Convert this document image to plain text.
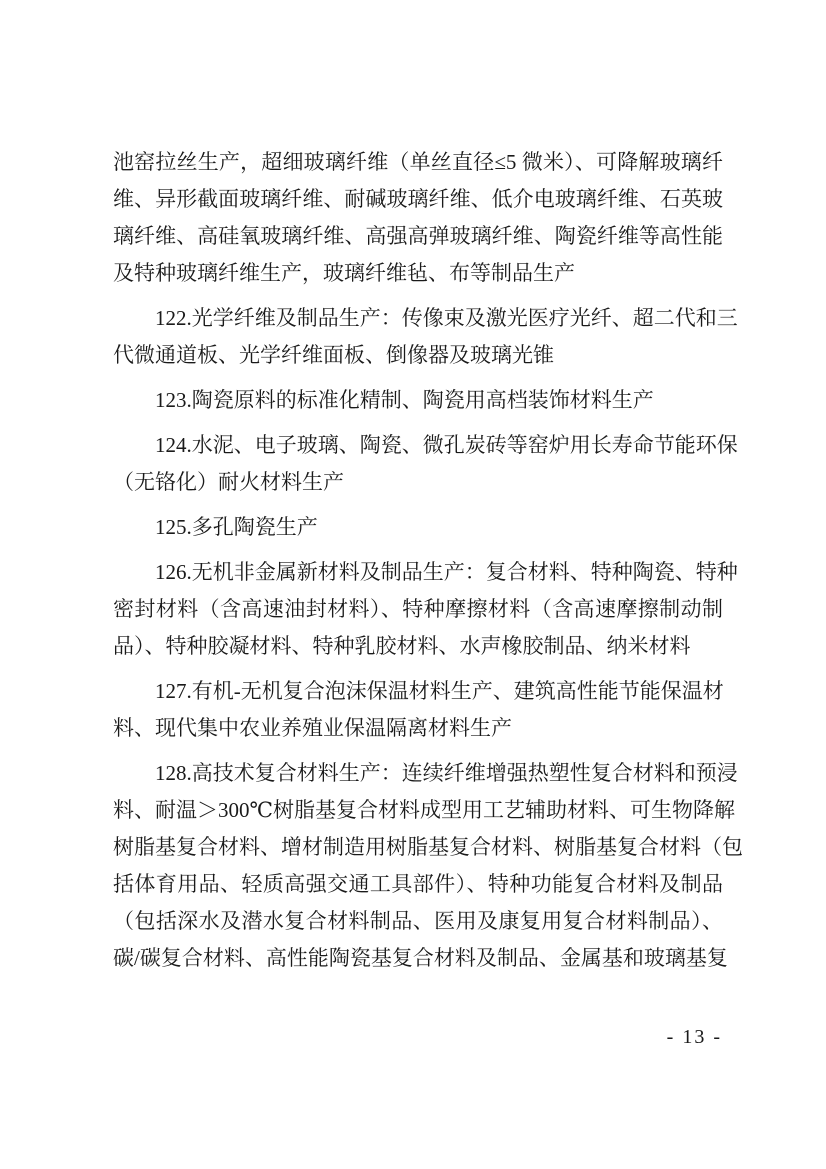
池窑拉丝生产，超细玻璃纤维（单丝直径≤5 微米）、可降解玻璃纤
维、异形截面玻璃纤维、耐碱玻璃纤维、低介电玻璃纤维、石英玻
璃纤维、高硅氧玻璃纤维、高强高弹玻璃纤维、陶瓷纤维等高性能
及特种玻璃纤维生产，玻璃纤维毡、布等制品生产
122.光学纤维及制品生产：传像束及激光医疗光纤、超二代和三
代微通道板、光学纤维面板、倒像器及玻璃光锥
123.陶瓷原料的标准化精制、陶瓷用高档装饰材料生产
124.水泥、电子玻璃、陶瓷、微孔炭砖等窑炉用长寿命节能环保
（无铬化）耐火材料生产
125.多孔陶瓷生产
126.无机非金属新材料及制品生产：复合材料、特种陶瓷、特种
密封材料（含高速油封材料）、特种摩擦材料（含高速摩擦制动制
品）、特种胶凝材料、特种乳胶材料、水声橡胶制品、纳米材料
127.有机-无机复合泡沫保温材料生产、建筑高性能节能保温材
料、现代集中农业养殖业保温隔离材料生产
128.高技术复合材料生产：连续纤维增强热塑性复合材料和预浸
料、耐温＞300℃树脂基复合材料成型用工艺辅助材料、可生物降解
树脂基复合材料、增材制造用树脂基复合材料、树脂基复合材料（包
括体育用品、轻质高强交通工具部件）、特种功能复合材料及制品
（包括深水及潜水复合材料制品、医用及康复用复合材料制品）、
碳/碳复合材料、高性能陶瓷基复合材料及制品、金属基和玻璃基复
- 13 -
